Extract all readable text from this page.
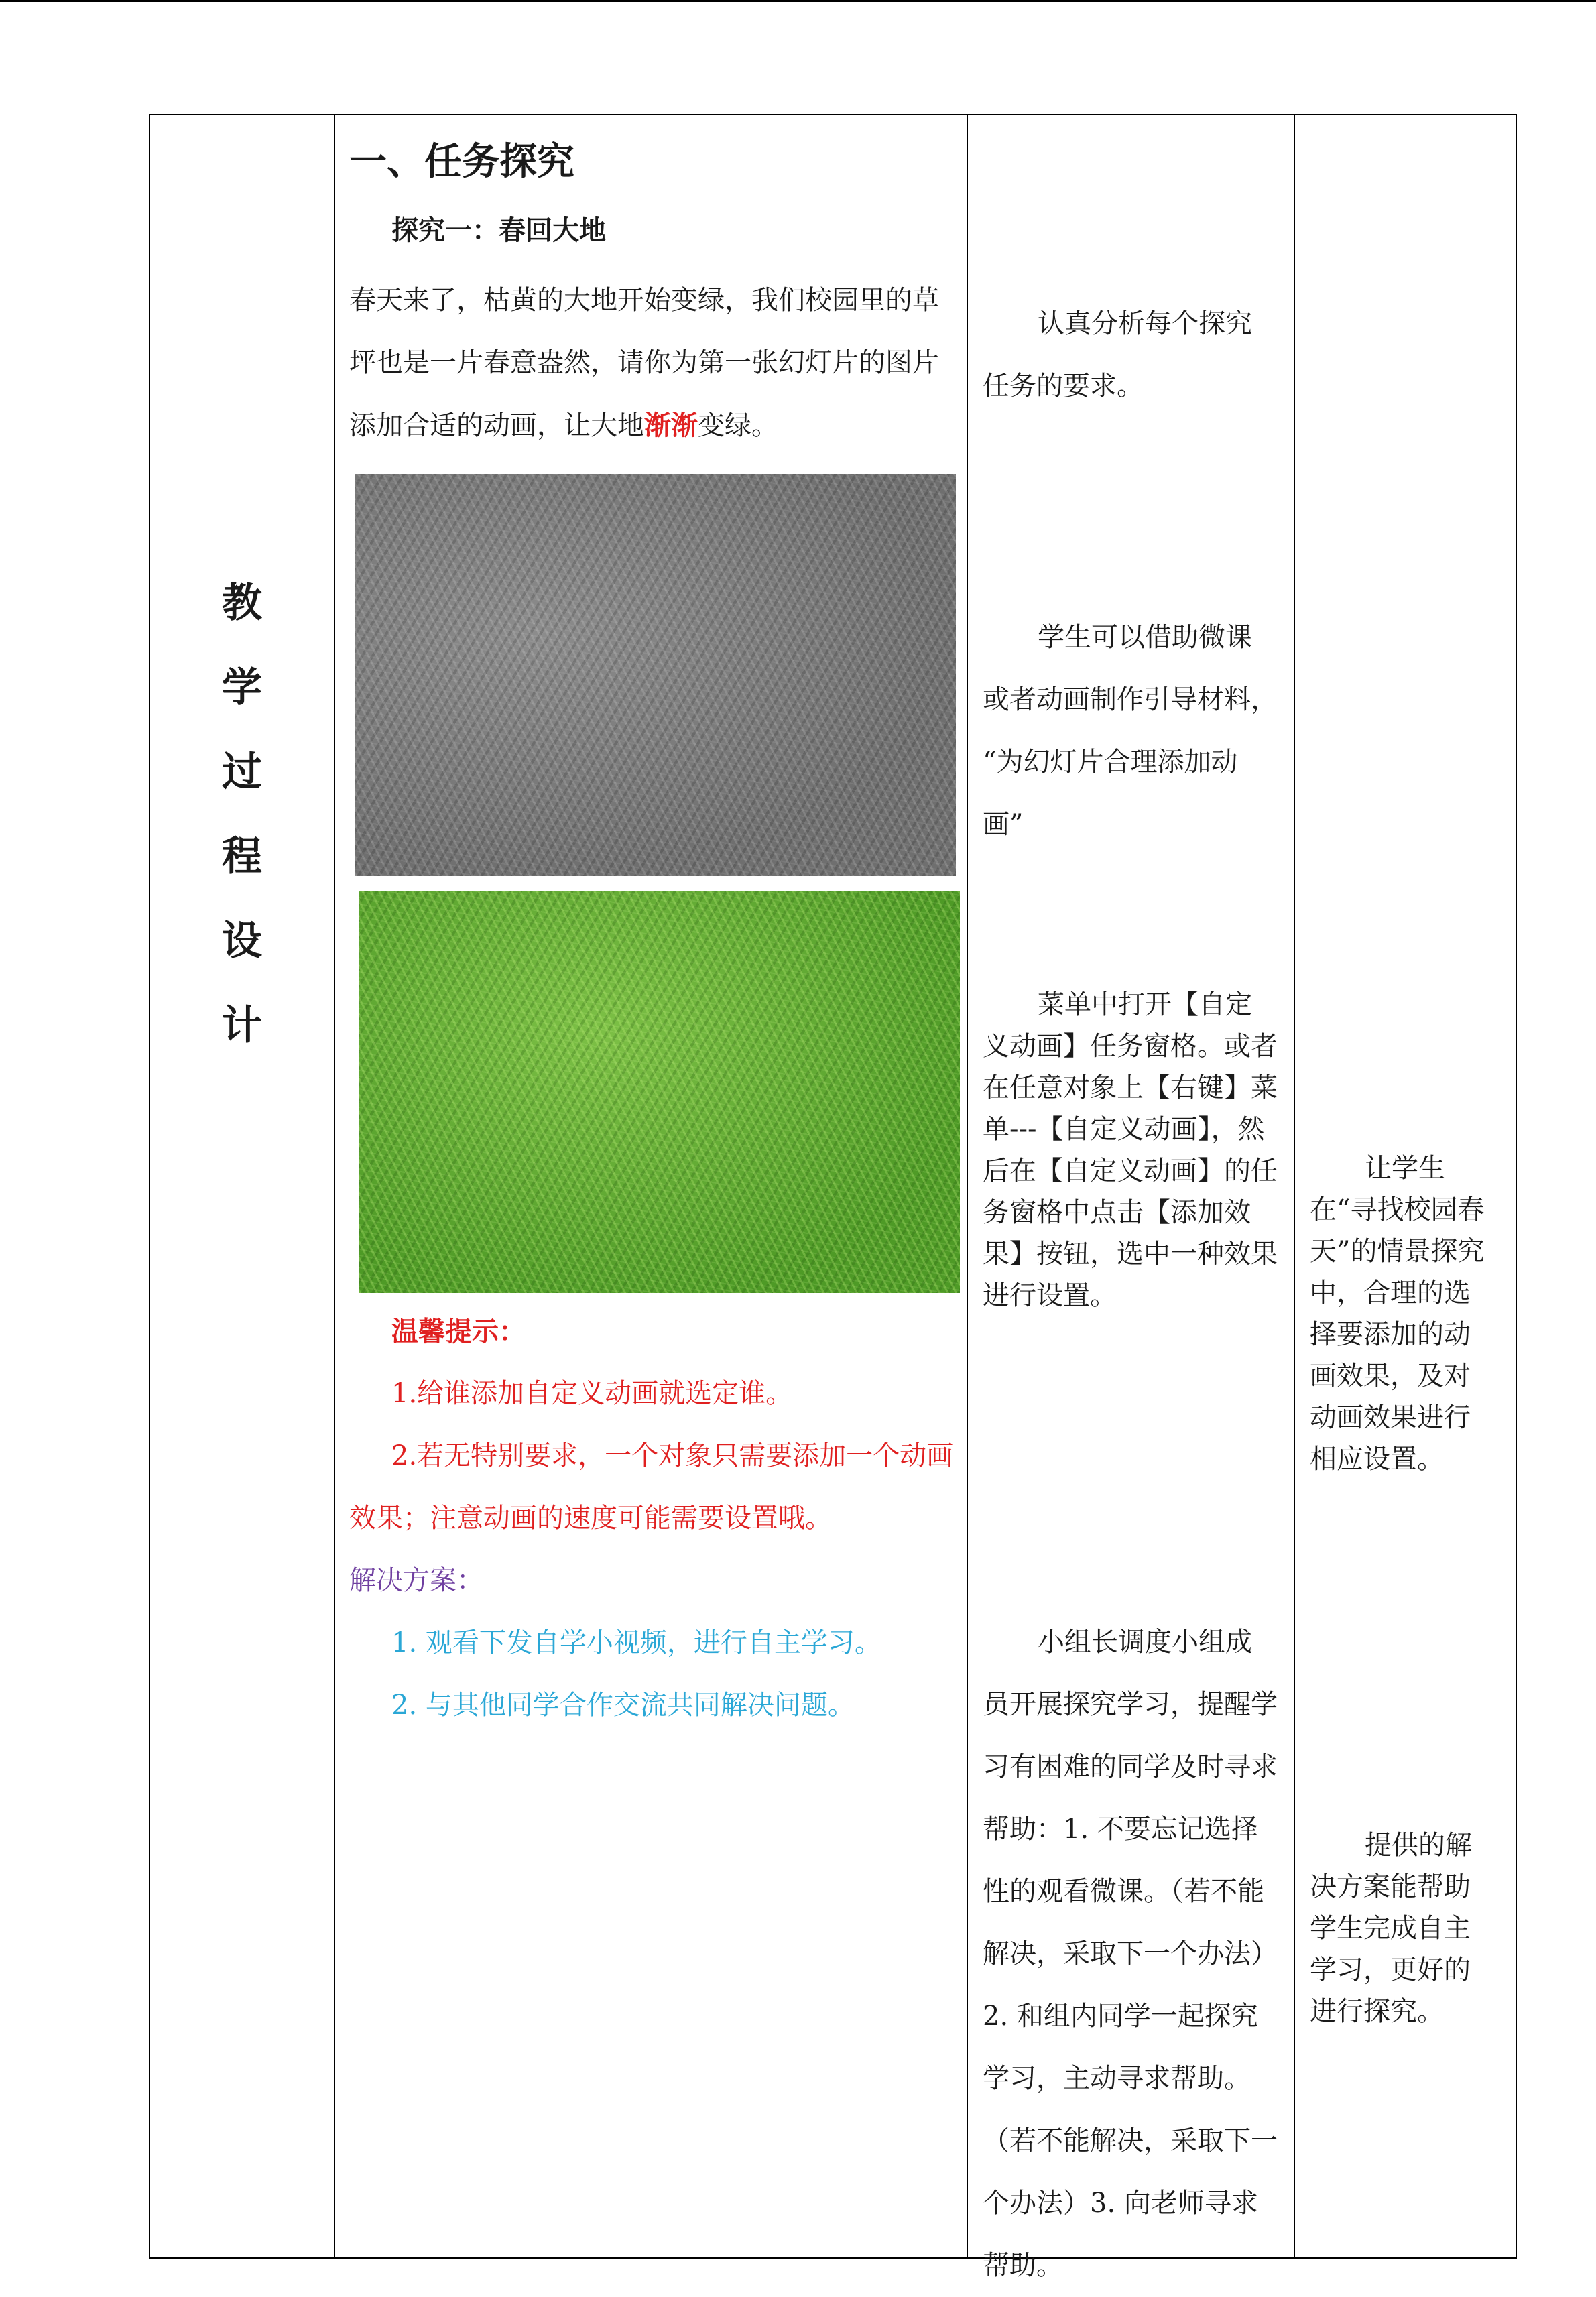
教
学
过
程
设
计

一、任务探究
探究一：春回大地
春天来了，枯黄的大地开始变绿，我们校园里的草坪也是一片春意盎然，请你为第一张幻灯片的图片添加合适的动画，让大地渐渐变绿。
温馨提示：
1.给谁添加自定义动画就选定谁。
2.若无特别要求，一个对象只需要添加一个动画效果；注意动画的速度可能需要设置哦。
解决方案：
1. 观看下发自学小视频，进行自主学习。
2. 与其他同学合作交流共同解决问题。

认真分析每个探究任务的要求。
学生可以借助微课或者动画制作引导材料，
“为幻灯片合理添加动画”
菜单中打开【自定义动画】任务窗格。或者在任意对象上【右键】菜单---【自定义动画】，然后在【自定义动画】的任务窗格中点击【添加效果】按钮，选中一种效果进行设置。
小组长调度小组成员开展探究学习，提醒学习有困难的同学及时寻求帮助：1. 不要忘记选择性的观看微课。（若不能解决，采取下一个办法）2. 和组内同学一起探究学习，主动寻求帮助。（若不能解决，采取下一个办法）3. 向老师寻求帮助。

让学生在“寻找校园春天”的情景探究中，合理的选择要添加的动画效果，及对动画效果进行相应设置。
提供的解决方案能帮助学生完成自主学习，更好的进行探究。
